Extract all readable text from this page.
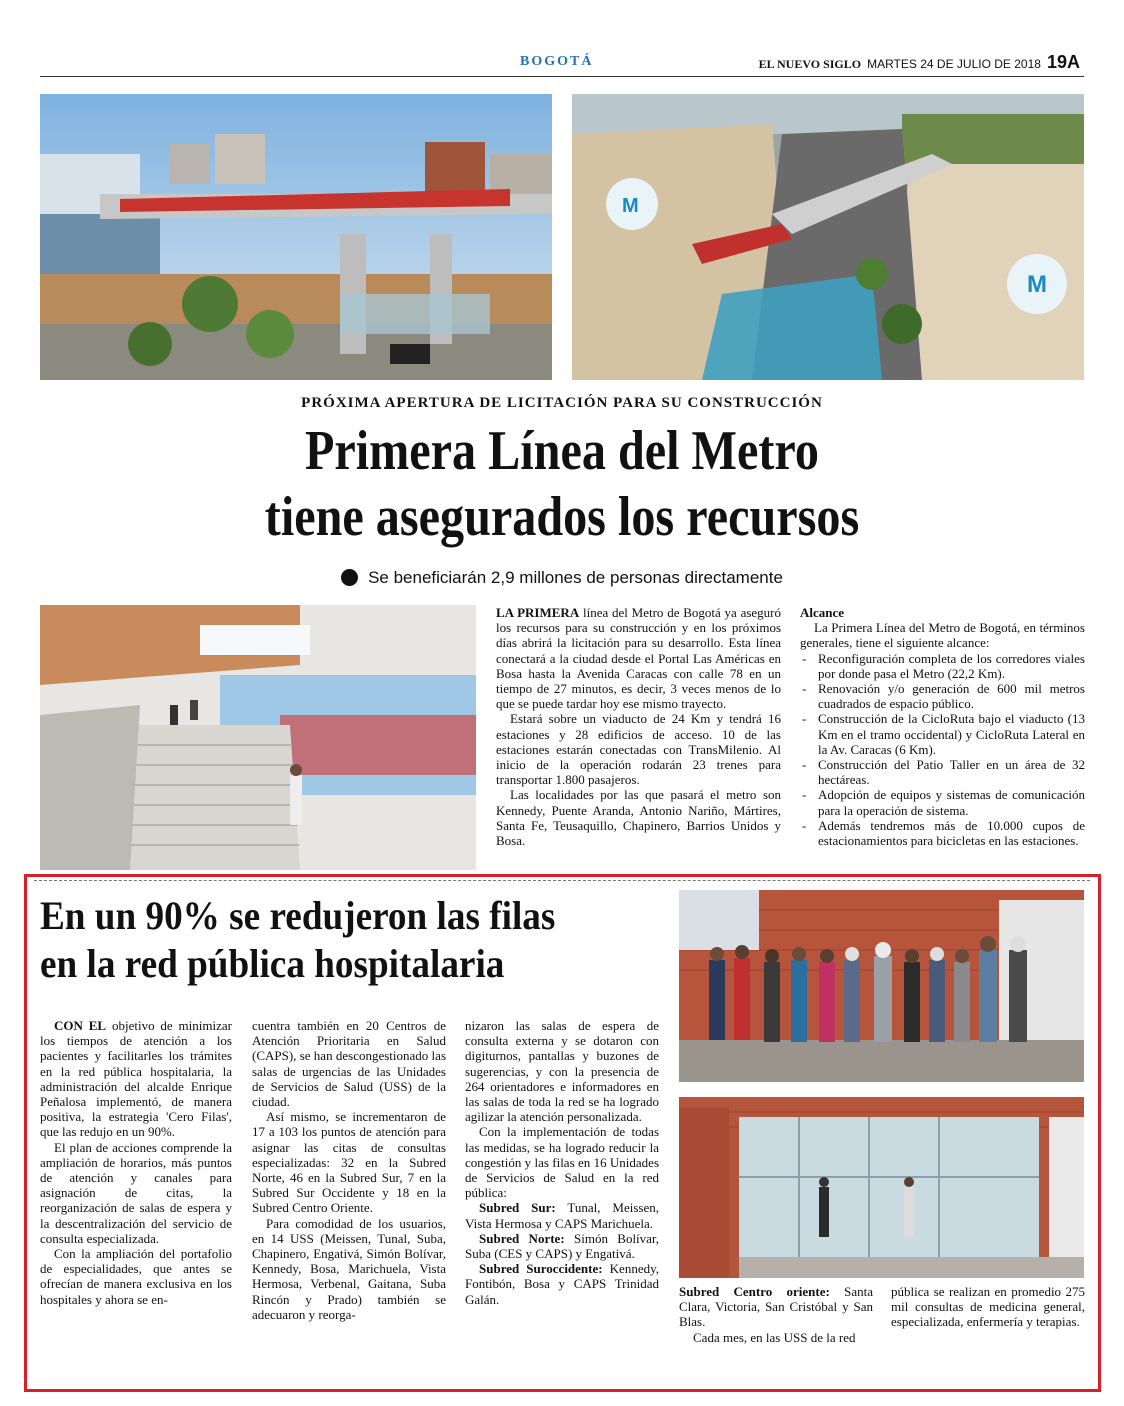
BOGOTÁ	EL NUEVO SIGLO MARTES 24 DE JULIO DE 2018 19A
M
M
PRÓXIMA APERTURA DE LICITACIÓN PARA SU CONSTRUCCIÓN
Primera Línea del Metro
tiene asegurados los recursos
Se beneficiarán 2,9 millones de personas directamente

LA PRIMERA línea del Metro de Bogotá ya aseguró los recursos para su construcción y en los próximos días abrirá la licitación para su desarrollo. Esta línea conectará a la ciudad desde el Portal Las Américas en Bosa hasta la Avenida Caracas con calle 78 en un tiempo de 27 minutos, es decir, 3 veces menos de lo que se puede tardar hoy ese mismo trayecto.

Estará sobre un viaducto de 24 Km y tendrá 16 estaciones y 28 edificios de acceso. 10 de las estaciones estarán conectadas con TransMilenio. Al inicio de la operación rodarán 23 trenes para transportar 1.800 pasajeros.

Las localidades por las que pasará el metro son Kennedy, Puente Aranda, Antonio Nariño, Mártires, Santa Fe, Teusaquillo, Chapinero, Barrios Unidos y Bosa.

Alcance

La Primera Línea del Metro de Bogotá, en términos generales, tiene el siguiente alcance:

- Reconfiguración completa de los corredores viales por donde pasa el Metro (22,2 Km).
- Renovación y/o generación de 600 mil metros cuadrados de espacio público.
- Construcción de la CicloRuta bajo el viaducto (13 Km en el tramo occidental) y CicloRuta Lateral en la Av. Caracas (6 Km).
- Construcción del Patio Taller en un área de 32 hectáreas.
- Adopción de equipos y sistemas de comunicación para la operación de sistema.
- Además tendremos más de 10.000 cupos de estacionamientos para bicicletas en las estaciones.
En un 90% se redujeron las filas
en la red pública hospitalaria

CON EL objetivo de minimizar los tiempos de atención a los pacientes y facilitarles los trámites en la red pública hospitalaria, la administración del alcalde Enrique Peñalosa implementó, de manera positiva, la estrategia 'Cero Filas', que las redujo en un 90%.

El plan de acciones comprende la ampliación de horarios, más puntos de atención y canales para asignación de citas, la reorganización de salas de espera y la descentralización del servicio de consulta especializada.

Con la ampliación del portafolio de especialidades, que antes se ofrecían de manera exclusiva en los hospitales y ahora se en-

cuentra también en 20 Centros de Atención Prioritaria en Salud (CAPS), se han descongestionado las salas de urgencias de las Unidades de Servicios de Salud (USS) de la ciudad.

Así mismo, se incrementaron de 17 a 103 los puntos de atención para asignar las citas de consultas especializadas: 32 en la Subred Norte, 46 en la Subred Sur, 7 en la Subred Sur Occidente y 18 en la Subred Centro Oriente.

Para comodidad de los usuarios, en 14 USS (Meissen, Tunal, Suba, Chapinero, Engativá, Simón Bolívar, Kennedy, Bosa, Marichuela, Vista Hermosa, Verbenal, Gaitana, Suba Rincón y Prado) también se adecuaron y reorga-

nizaron las salas de espera de consulta externa y se dotaron con digiturnos, pantallas y buzones de sugerencias, y con la presencia de 264 orientadores e informadores en las salas de toda la red se ha logrado agilizar la atención personalizada.

Con la implementación de todas las medidas, se ha logrado reducir la congestión y las filas en 16 Unidades de Servicios de Salud en la red pública:

Subred Sur: Tunal, Meissen, Vista Hermosa y CAPS Marichuela.

Subred Norte: Simón Bolívar, Suba (CES y CAPS) y Engativá.

Subred Suroccidente: Kennedy, Fontibón, Bosa y CAPS Trinidad Galán.

Subred Centro oriente: Santa Clara, Victoria, San Cristóbal y San Blas.

Cada mes, en las USS de la red

pública se realizan en promedio 275 mil consultas de medicina general, especializada, enfermería y terapias.
